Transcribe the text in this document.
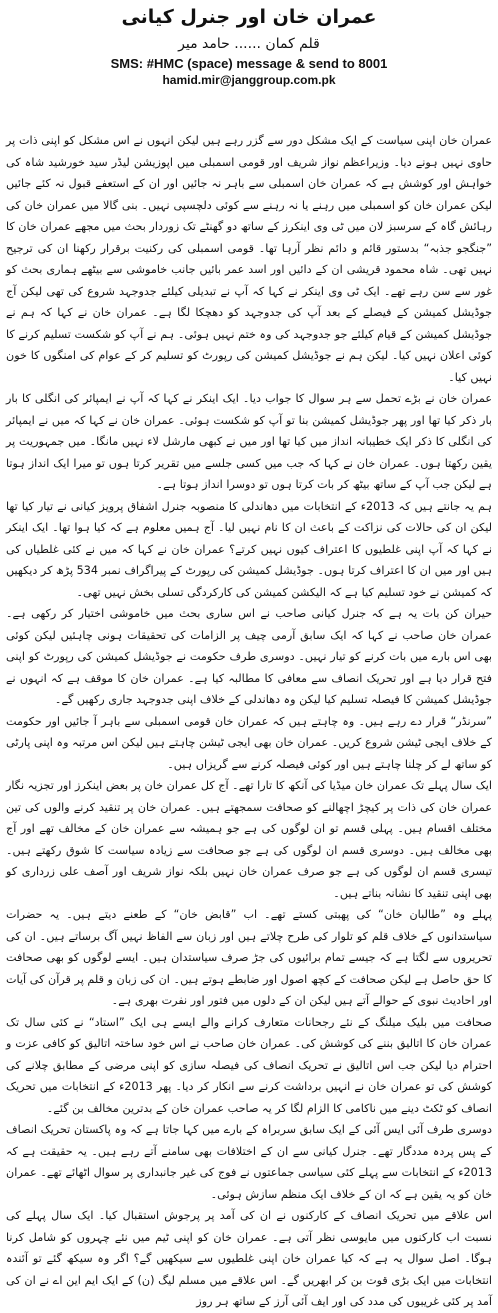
عمران خان اور جنرل کیانی
قلم کمان ...... حامد میر
SMS: #HMC (space) message & send to 8001
hamid.mir@janggroup.com.pk

عمران خان اپنی سیاست کے ایک مشکل دور سے گزر رہے ہیں لیکن انہوں نے اس مشکل کو اپنی ذات پر حاوی نہیں ہونے دیا۔ وزیراعظم نواز شریف اور قومی اسمبلی میں اپوزیشن لیڈر سید خورشید شاہ کی خواہش اور کوشش ہے کہ عمران خان اسمبلی سے باہر نہ جائیں اور ان کے استعفے قبول نہ کئے جائیں لیکن عمران خان کو اسمبلی میں رہنے یا نہ رہنے سے کوئی دلچسپی نہیں۔ بنی گالا میں عمران خان کی رہائش گاہ کے سرسبز لان میں ٹی وی اینکرز کے ساتھ دو گھنٹے تک زوردار بحث میں مجھے عمران خان کا ”جنگجو جذبہ“ بدستور قائم و دائم نظر آرہا تھا۔ قومی اسمبلی کی رکنیت برقرار رکھنا ان کی ترجیح نہیں تھی۔ شاہ محمود قریشی ان کے دائیں اور اسد عمر بائیں جانب خاموشی سے بیٹھے ہماری بحث کو غور سے سن رہے تھے۔ ایک ٹی وی اینکر نے کہا کہ آپ نے تبدیلی کیلئے جدوجہد شروع کی تھی لیکن آج جوڈیشل کمیشن کے فیصلے کے بعد آپ کی جدوجہد کو دھچکا لگا ہے۔ عمران خان نے کہا کہ ہم نے جوڈیشل کمیشن کے قیام کیلئے جو جدوجہد کی وہ ختم نہیں ہوئی۔ ہم نے آپ کو شکست تسلیم کرنے کا کوئی اعلان نہیں کیا۔ لیکن ہم نے جوڈیشل کمیشن کی رپورٹ کو تسلیم کر کے عوام کی امنگوں کا خون نہیں کیا۔

عمران خان نے بڑے تحمل سے ہر سوال کا جواب دیا۔ ایک اینکر نے کہا کہ آپ نے ایمپائر کی انگلی کا بار بار ذکر کیا تھا اور پھر جوڈیشل کمیشن بنا تو آپ کو شکست ہوئی۔ عمران خان نے کہا کہ میں نے ایمپائر کی انگلی کا ذکر ایک خطیبانہ انداز میں کیا تھا اور میں نے کبھی مارشل لاء نہیں مانگا۔ میں جمہوریت پر یقین رکھتا ہوں۔ عمران خان نے کہا کہ جب میں کسی جلسے میں تقریر کرتا ہوں تو میرا ایک انداز ہوتا ہے لیکن جب آپ کے ساتھ بیٹھ کر بات کرتا ہوں تو دوسرا انداز ہوتا ہے۔

ہم یہ جانتے ہیں کہ 2013ء کے انتخابات میں دھاندلی کا منصوبہ جنرل اشفاق پرویز کیانی نے تیار کیا تھا لیکن ان کی حالات کی نزاکت کے باعث ان کا نام نہیں لیا۔ آج ہمیں معلوم ہے کہ کیا ہوا تھا۔ ایک اینکر نے کہا کہ آپ اپنی غلطیوں کا اعتراف کیوں نہیں کرتے؟ عمران خان نے کہا کہ میں نے کئی غلطیاں کی ہیں اور میں ان کا اعتراف کرتا ہوں۔ جوڈیشل کمیشن کی رپورٹ کے پیراگراف نمبر 534 پڑھ کر دیکھیں کہ کمیشن نے خود تسلیم کیا ہے کہ الیکشن کمیشن کی کارکردگی تسلی بخش نہیں تھی۔

حیران کن بات یہ ہے کہ جنرل کیانی صاحب نے اس ساری بحث میں خاموشی اختیار کر رکھی ہے۔ عمران خان صاحب نے کہا کہ ایک سابق آرمی چیف پر الزامات کی تحقیقات ہونی چاہئیں لیکن کوئی بھی اس بارے میں بات کرنے کو تیار نہیں۔ دوسری طرف حکومت نے جوڈیشل کمیشن کی رپورٹ کو اپنی فتح قرار دیا ہے اور تحریک انصاف سے معافی کا مطالبہ کیا ہے۔ عمران خان کا موقف ہے کہ انہوں نے جوڈیشل کمیشن کا فیصلہ تسلیم کیا لیکن وہ دھاندلی کے خلاف اپنی جدوجہد جاری رکھیں گے۔

”سرنڈر“ قرار دے رہے ہیں۔ وہ چاہتے ہیں کہ عمران خان قومی اسمبلی سے باہر آ جائیں اور حکومت کے خلاف ایجی ٹیشن شروع کریں۔ عمران خان بھی ایجی ٹیشن چاہتے ہیں لیکن اس مرتبہ وہ اپنی پارٹی کو ساتھ لے کر چلنا چاہتے ہیں اور کوئی فیصلہ کرنے سے گریزاں ہیں۔

ایک سال پہلے تک عمران خان میڈیا کی آنکھ کا تارا تھے۔ آج کل عمران خان پر بعض اینکرز اور تجزیہ نگار عمران خان کی ذات پر کیچڑ اچھالنے کو صحافت سمجھتے ہیں۔ عمران خان پر تنقید کرنے والوں کی تین مختلف اقسام ہیں۔ پہلی قسم تو ان لوگوں کی ہے جو ہمیشہ سے عمران خان کے مخالف تھے اور آج بھی مخالف ہیں۔ دوسری قسم ان لوگوں کی ہے جو صحافت سے زیادہ سیاست کا شوق رکھتے ہیں۔ تیسری قسم ان لوگوں کی ہے جو صرف عمران خان نہیں بلکہ نواز شریف اور آصف علی زرداری کو بھی اپنی تنقید کا نشانہ بناتے ہیں۔

پہلے وہ ”طالبان خان“ کی پھبتی کستے تھے۔ اب ”قابض خان“ کے طعنے دیتے ہیں۔ یہ حضرات سیاستدانوں کے خلاف قلم کو تلوار کی طرح چلاتے ہیں اور زبان سے الفاظ نہیں آگ برساتے ہیں۔ ان کی تحریروں سے لگتا ہے کہ جیسے تمام برائیوں کی جڑ صرف سیاستدان ہیں۔ ایسے لوگوں کو بھی صحافت کا حق حاصل ہے لیکن صحافت کے کچھ اصول اور ضابطے ہوتے ہیں۔ ان کی زبان و قلم پر قرآن کی آیات اور احادیث نبوی کے حوالے آتے ہیں لیکن ان کے دلوں میں فتور اور نفرت بھری ہے۔

صحافت میں بلیک میلنگ کے نئے رجحانات متعارف کرانے والے ایسے ہی ایک ”استاد“ نے کئی سال تک عمران خان کا اتالیق بننے کی کوشش کی۔ عمران خان صاحب نے اس خود ساختہ اتالیق کو کافی عزت و احترام دیا لیکن جب اس اتالیق نے تحریک انصاف کی فیصلہ سازی کو اپنی مرضی کے مطابق چلانے کی کوشش کی تو عمران خان نے انہیں برداشت کرنے سے انکار کر دیا۔ پھر 2013ء کے انتخابات میں تحریک انصاف کو ٹکٹ دینے میں ناکامی کا الزام لگا کر یہ صاحب عمران خان کے بدترین مخالف بن گئے۔

دوسری طرف آئی ایس آئی کے ایک سابق سربراہ کے بارے میں کہا جاتا ہے کہ وہ پاکستان تحریک انصاف کے پس پردہ مددگار تھے۔ جنرل کیانی سے ان کے اختلافات بھی سامنے آتے رہے ہیں۔ یہ حقیقت ہے کہ 2013ء کے انتخابات سے پہلے کئی سیاسی جماعتوں نے فوج کی غیر جانبداری پر سوال اٹھائے تھے۔ عمران خان کو یہ یقین ہے کہ ان کے خلاف ایک منظم سازش ہوئی۔

اس علاقے میں تحریک انصاف کے کارکنوں نے ان کی آمد پر پرجوش استقبال کیا۔ ایک سال پہلے کی نسبت اب کارکنوں میں مایوسی نظر آتی ہے۔ عمران خان کو اپنی ٹیم میں نئے چہروں کو شامل کرنا ہوگا۔ اصل سوال یہ ہے کہ کیا عمران خان اپنی غلطیوں سے سیکھیں گے؟ اگر وہ سیکھ گئے تو آئندہ انتخابات میں ایک بڑی قوت بن کر ابھریں گے۔ اس علاقے میں مسلم لیگ (ن) کے ایک ایم این اے نے ان کی آمد پر کئی غریبوں کی مدد کی اور ایف آئی آرز کے ساتھ ہر روز
